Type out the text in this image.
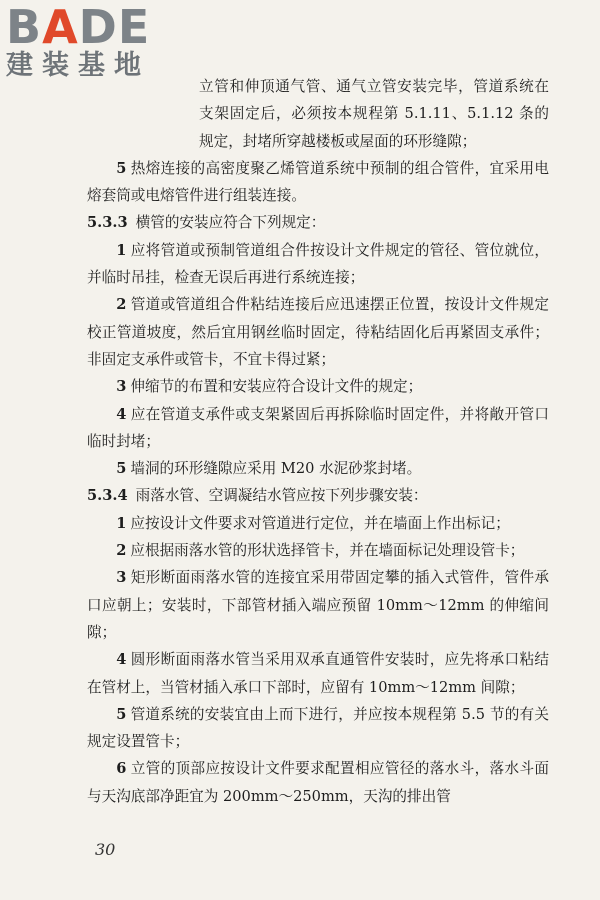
BADE
建装基地

立管和伸顶通气管、通气立管安装完毕，管道系统在支架固定后，必须按本规程第 5.1.11、5.1.12 条的规定，封堵所穿越楼板或屋面的环形缝隙；

5 热熔连接的高密度聚乙烯管道系统中预制的组合管件，宜采用电熔套筒或电熔管件进行组装连接。

5.3.3 横管的安装应符合下列规定：

1 应将管道或预制管道组合件按设计文件规定的管径、管位就位，并临时吊挂，检查无误后再进行系统连接；

2 管道或管道组合件粘结连接后应迅速摆正位置，按设计文件规定校正管道坡度，然后宜用钢丝临时固定，待粘结固化后再紧固支承件；非固定支承件或管卡，不宜卡得过紧；

3 伸缩节的布置和安装应符合设计文件的规定；

4 应在管道支承件或支架紧固后再拆除临时固定件，并将敞开管口临时封堵；

5 墙洞的环形缝隙应采用 M20 水泥砂浆封堵。

5.3.4 雨落水管、空调凝结水管应按下列步骤安装：

1 应按设计文件要求对管道进行定位，并在墙面上作出标记；

2 应根据雨落水管的形状选择管卡，并在墙面标记处理设管卡；

3 矩形断面雨落水管的连接宜采用带固定攀的插入式管件，管件承口应朝上；安装时，下部管材插入端应预留 10mm～12mm 的伸缩间隙；

4 圆形断面雨落水管当采用双承直通管件安装时，应先将承口粘结在管材上，当管材插入承口下部时，应留有 10mm～12mm 间隙；

5 管道系统的安装宜由上而下进行，并应按本规程第 5.5 节的有关规定设置管卡；

6 立管的顶部应按设计文件要求配置相应管径的落水斗，落水斗面与天沟底部净距宜为 200mm～250mm，天沟的排出管

30
